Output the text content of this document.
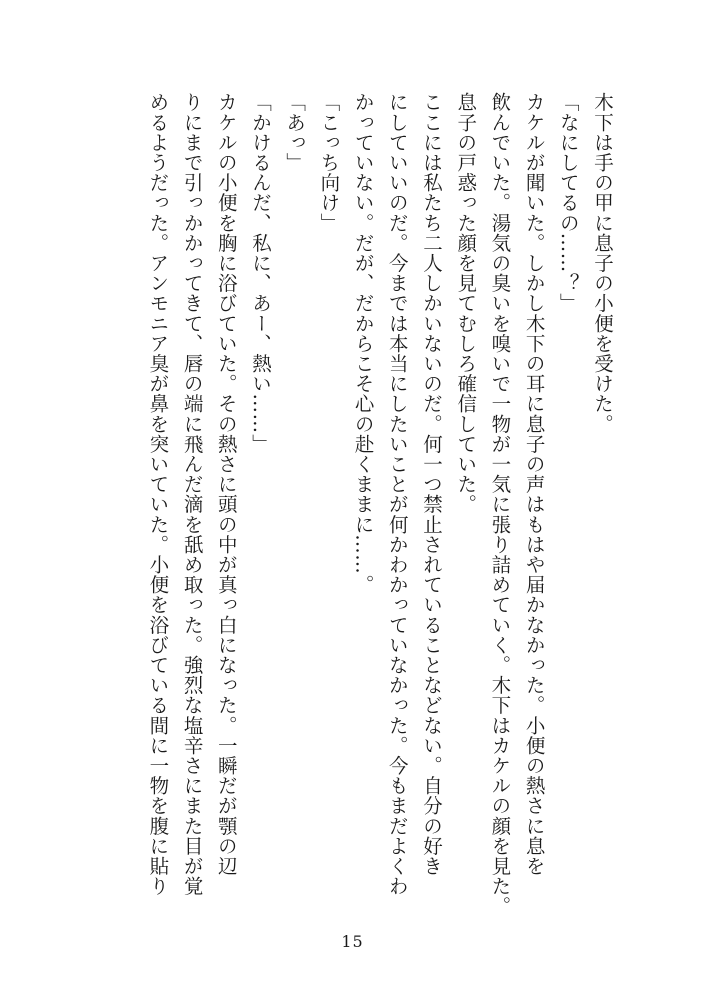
木下は手の甲に息子の小便を受けた。

「なにしてるの……？」

カケルが聞いた。しかし木下の耳に息子の声はもはや届かなかった。小便の熱さに息を

飲んでいた。湯気の臭いを嗅いで一物が一気に張り詰めていく。木下はカケルの顔を見た。

息子の戸惑った顔を見てむしろ確信していた。

ここには私たち二人しかいないのだ。何一つ禁止されていることなどない。自分の好き

にしていいのだ。今までは本当にしたいことが何かわかっていなかった。今もまだよくわ

かっていない。だが、だからこそ心の赴くままに……。

「こっち向け」

「あっ」

「かけるんだ、私に、あー、熱い……」

カケルの小便を胸に浴びていた。その熱さに頭の中が真っ白になった。一瞬だが顎の辺

りにまで引っかかってきて、唇の端に飛んだ滴を舐め取った。強烈な塩辛さにまた目が覚

めるようだった。アンモニア臭が鼻を突いていた。小便を浴びている間に一物を腹に貼り

15
